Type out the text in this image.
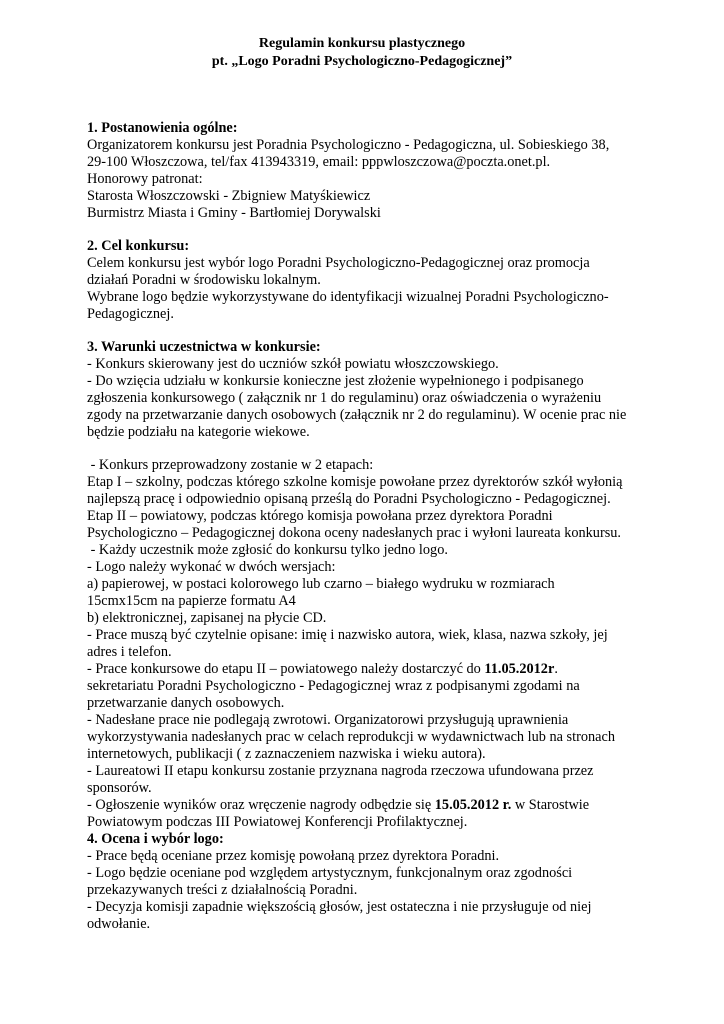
Regulamin konkursu plastycznego
pt. „Logo Poradni Psychologiczno-Pedagogicznej”
1. Postanowienia ogólne:
Organizatorem konkursu jest Poradnia Psychologiczno - Pedagogiczna, ul. Sobieskiego 38,
29-100 Włoszczowa, tel/fax 413943319, email: pppwloszczowa@poczta.onet.pl.
Honorowy patronat:
Starosta Włoszczowski - Zbigniew Matyśkiewicz
Burmistrz Miasta i Gminy - Bartłomiej Dorywalski
2. Cel konkursu:
Celem konkursu jest wybór logo Poradni Psychologiczno-Pedagogicznej oraz promocja
działań Poradni w środowisku lokalnym.
Wybrane logo będzie wykorzystywane do identyfikacji wizualnej Poradni Psychologiczno-
Pedagogicznej.
3. Warunki uczestnictwa w konkursie:
- Konkurs skierowany jest do uczniów szkół powiatu włoszczowskiego.
- Do wzięcia udziału w konkursie konieczne jest złożenie wypełnionego i podpisanego
zgłoszenia konkursowego ( załącznik nr 1 do regulaminu) oraz oświadczenia o wyrażeniu
zgody na przetwarzanie danych osobowych (załącznik nr 2 do regulaminu). W ocenie prac nie
będzie podziału na kategorie wiekowe.
- Konkurs przeprowadzony zostanie w 2 etapach:
Etap I – szkolny, podczas którego szkolne komisje powołane przez dyrektorów szkół wyłonią
najlepszą pracę i odpowiednio opisaną prześlą do Poradni Psychologiczno - Pedagogicznej.
Etap II – powiatowy, podczas którego komisja powołana przez dyrektora Poradni
Psychologiczno – Pedagogicznej dokona oceny nadesłanych prac i wyłoni laureata konkursu.
- Każdy uczestnik może zgłosić do konkursu tylko jedno logo.
- Logo należy wykonać w dwóch wersjach:
a) papierowej, w postaci kolorowego lub czarno – białego wydruku w rozmiarach
15cmx15cm na papierze formatu A4
b) elektronicznej, zapisanej na płycie CD.
- Prace muszą być czytelnie opisane: imię i nazwisko autora, wiek, klasa, nazwa szkoły, jej
adres i telefon.
- Prace konkursowe do etapu II – powiatowego należy dostarczyć do 11.05.2012r.
sekretariatu Poradni Psychologiczno - Pedagogicznej wraz z podpisanymi zgodami na
przetwarzanie danych osobowych.
- Nadesłane prace nie podlegają zwrotowi. Organizatorowi przysługują uprawnienia
wykorzystywania nadesłanych prac w celach reprodukcji w wydawnictwach lub na stronach
internetowych, publikacji ( z zaznaczeniem nazwiska i wieku autora).
- Laureatowi II etapu konkursu zostanie przyznana nagroda rzeczowa ufundowana przez
sponsorów.
- Ogłoszenie wyników oraz wręczenie nagrody odbędzie się 15.05.2012 r. w Starostwie
Powiatowym podczas III Powiatowej Konferencji Profilaktycznej.
4. Ocena i wybór logo:
- Prace będą oceniane przez komisję powołaną przez dyrektora Poradni.
- Logo będzie oceniane pod względem artystycznym, funkcjonalnym oraz zgodności
przekazywanych treści z działalnością Poradni.
- Decyzja komisji zapadnie większością głosów, jest ostateczna i nie przysługuje od niej
odwołanie.
